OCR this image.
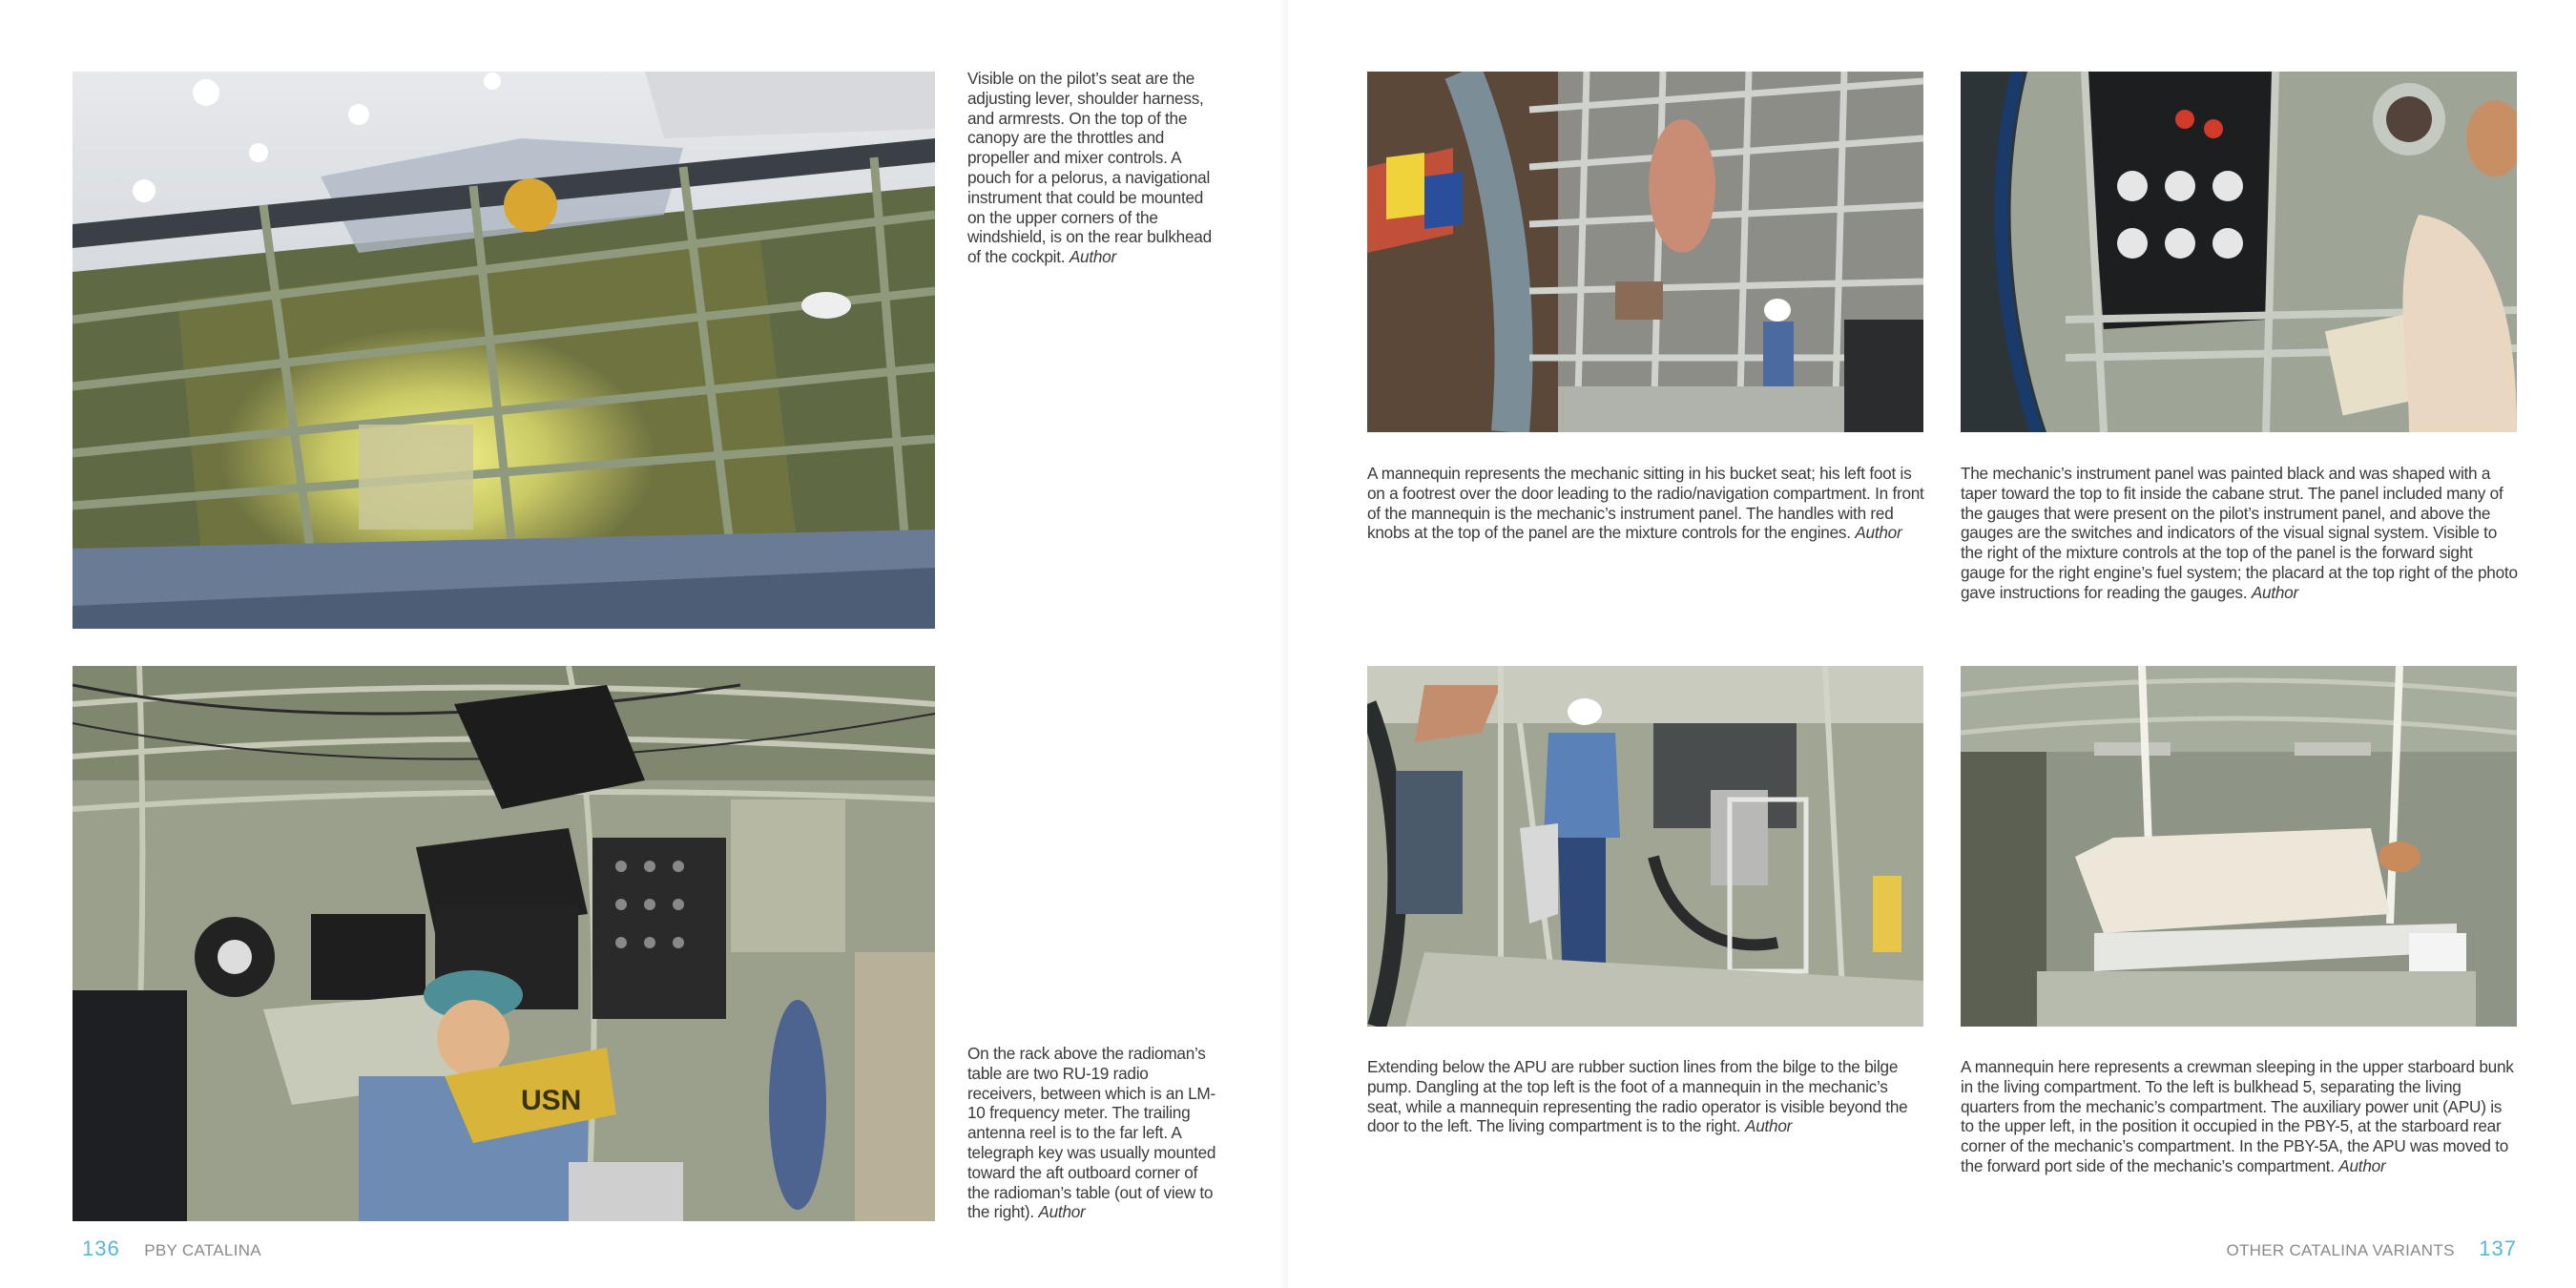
Visible on the pilot’s seat are the adjusting lever, shoulder harness, and armrests. On the top of the canopy are the throttles and propeller and mixer controls. A pouch for a pelorus, a navigational instrument that could be mounted on the upper corners of the windshield, is on the rear bulkhead of the cockpit. Author
USN
On the rack above the radioman’s table are two RU-19 radio receivers, between which is an LM-10 frequency meter. The trailing antenna reel is to the far left. A telegraph key was usually mounted toward the aft outboard corner of the radioman’s table (out of view to the right). Author
136 PBY CATALINA
A mannequin represents the mechanic sitting in his bucket seat; his left foot is on a footrest over the door leading to the radio/navigation compartment. In front of the mannequin is the mechanic’s instrument panel. The handles with red knobs at the top of the panel are the mixture controls for the engines. Author
The mechanic’s instrument panel was painted black and was shaped with a taper toward the top to fit inside the cabane strut. The panel included many of the gauges that were present on the pilot’s instrument panel, and above the gauges are the switches and indicators of the visual signal system. Visible to the right of the mixture controls at the top of the panel is the forward sight gauge for the right engine’s fuel system; the placard at the top right of the photo gave instructions for reading the gauges. Author
Extending below the APU are rubber suction lines from the bilge to the bilge pump. Dangling at the top left is the foot of a mannequin in the mechanic’s seat, while a mannequin representing the radio operator is visible beyond the door to the left. The living compartment is to the right. Author
A mannequin here represents a crewman sleeping in the upper starboard bunk in the living compartment. To the left is bulkhead 5, separating the living quarters from the mechanic’s compartment. The auxiliary power unit (APU) is to the upper left, in the position it occupied in the PBY-5, at the starboard rear corner of the mechanic’s compartment. In the PBY-5A, the APU was moved to the forward port side of the mechanic’s compartment. Author
OTHER CATALINA VARIANTS 137
